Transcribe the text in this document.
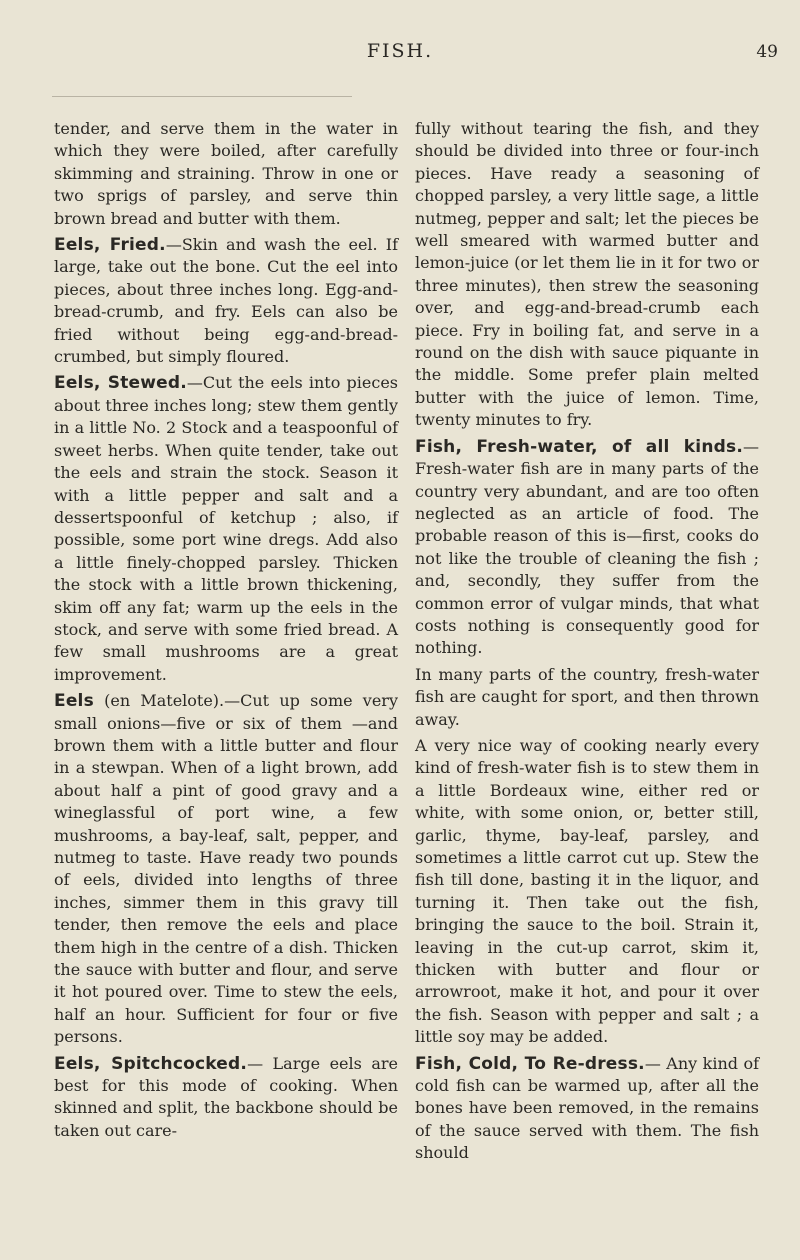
FISH.	49

tender, and serve them in the water in which they were boiled, after carefully skimming and straining. Throw in one or two sprigs of parsley, and serve thin brown bread and butter with them.

Eels, Fried.—Skin and wash the eel. If large, take out the bone. Cut the eel into pieces, about three inches long. Egg-and-bread-crumb, and fry. Eels can also be fried without being egg-and-bread-crumbed, but simply floured.

Eels, Stewed.—Cut the eels into pieces about three inches long; stew them gently in a little No. 2 Stock and a teaspoonful of sweet herbs. When quite tender, take out the eels and strain the stock. Season it with a little pepper and salt and a dessertspoonful of ketchup ; also, if possible, some port wine dregs. Add also a little finely-chopped parsley. Thicken the stock with a little brown thickening, skim off any fat; warm up the eels in the stock, and serve with some fried bread. A few small mushrooms are a great improvement.

Eels (en Matelote).—Cut up some very small onions—five or six of them —and brown them with a little butter and flour in a stewpan. When of a light brown, add about half a pint of good gravy and a wineglassful of port wine, a few mushrooms, a bay-leaf, salt, pepper, and nutmeg to taste. Have ready two pounds of eels, divided into lengths of three inches, simmer them in this gravy till tender, then remove the eels and place them high in the centre of a dish. Thicken the sauce with butter and flour, and serve it hot poured over. Time to stew the eels, half an hour. Sufficient for four or five persons.

Eels, Spitchcocked.— Large eels are best for this mode of cooking. When skinned and split, the backbone should be taken out care-

fully without tearing the fish, and they should be divided into three or four-inch pieces. Have ready a seasoning of chopped parsley, a very little sage, a little nutmeg, pepper and salt; let the pieces be well smeared with warmed butter and lemon-juice (or let them lie in it for two or three minutes), then strew the seasoning over, and egg-and-bread-crumb each piece. Fry in boiling fat, and serve in a round on the dish with sauce piquante in the middle. Some prefer plain melted butter with the juice of lemon. Time, twenty minutes to fry.

Fish, Fresh-water, of all kinds.— Fresh-water fish are in many parts of the country very abundant, and are too often neglected as an article of food. The probable reason of this is—first, cooks do not like the trouble of cleaning the fish ; and, secondly, they suffer from the common error of vulgar minds, that what costs nothing is consequently good for nothing.

In many parts of the country, fresh-water fish are caught for sport, and then thrown away.

A very nice way of cooking nearly every kind of fresh-water fish is to stew them in a little Bordeaux wine, either red or white, with some onion, or, better still, garlic, thyme, bay-leaf, parsley, and sometimes a little carrot cut up. Stew the fish till done, basting it in the liquor, and turning it. Then take out the fish, bringing the sauce to the boil. Strain it, leaving in the cut-up carrot, skim it, thicken with butter and flour or arrowroot, make it hot, and pour it over the fish. Season with pepper and salt ; a little soy may be added.

Fish, Cold, To Re-dress.— Any kind of cold fish can be warmed up, after all the bones have been removed, in the remains of the sauce served with them. The fish should
